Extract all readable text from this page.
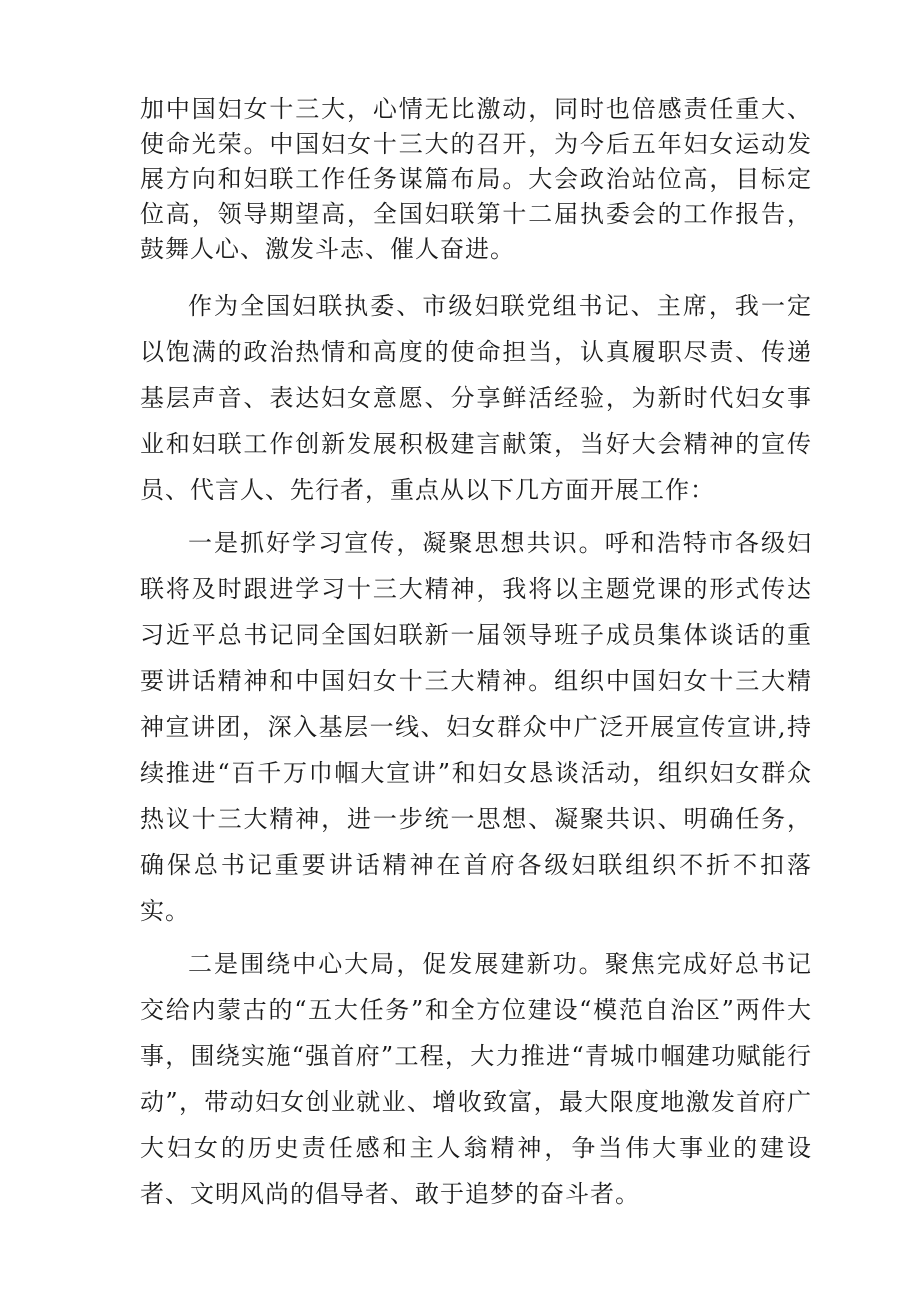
加中国妇女十三大，心情无比激动，同时也倍感责任重大、使命光荣。中国妇女十三大的召开，为今后五年妇女运动发展方向和妇联工作任务谋篇布局。大会政治站位高，目标定位高，领导期望高，全国妇联第十二届执委会的工作报告，鼓舞人心、激发斗志、催人奋进。

作为全国妇联执委、市级妇联党组书记、主席，我一定以饱满的政治热情和高度的使命担当，认真履职尽责、传递基层声音、表达妇女意愿、分享鲜活经验，为新时代妇女事业和妇联工作创新发展积极建言献策，当好大会精神的宣传员、代言人、先行者，重点从以下几方面开展工作：

一是抓好学习宣传，凝聚思想共识。呼和浩特市各级妇联将及时跟进学习十三大精神，我将以主题党课的形式传达习近平总书记同全国妇联新一届领导班子成员集体谈话的重要讲话精神和中国妇女十三大精神。组织中国妇女十三大精神宣讲团，深入基层一线、妇女群众中广泛开展宣传宣讲,持续推进“百千万巾帼大宣讲”和妇女恳谈活动，组织妇女群众热议十三大精神，进一步统一思想、凝聚共识、明确任务，确保总书记重要讲话精神在首府各级妇联组织不折不扣落实。

二是围绕中心大局，促发展建新功。聚焦完成好总书记交给内蒙古的“五大任务”和全方位建设“模范自治区”两件大事，围绕实施“强首府”工程，大力推进“青城巾帼建功赋能行动”，带动妇女创业就业、增收致富，最大限度地激发首府广大妇女的历史责任感和主人翁精神，争当伟大事业的建设者、文明风尚的倡导者、敢于追梦的奋斗者。
